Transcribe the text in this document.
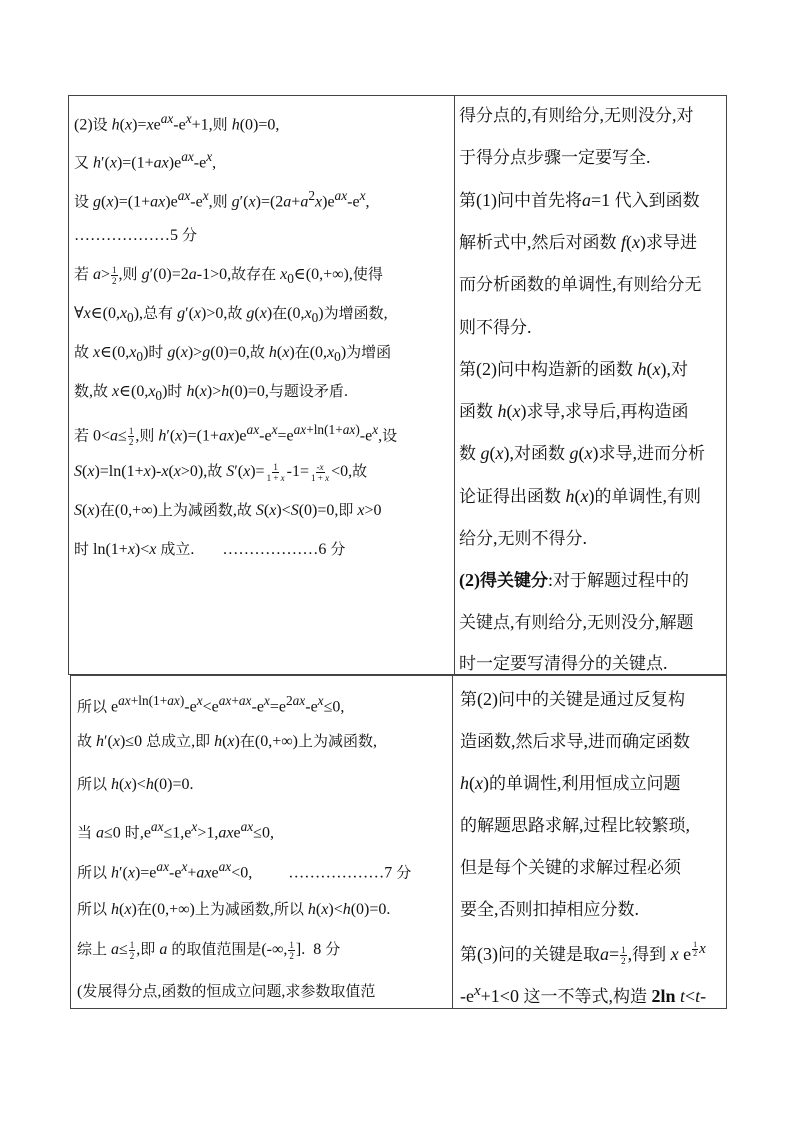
(2)设 $h(x)=xe^{ax}-e^x+1$,则 h(0)=0,
又 $h'(x)=(1+ax)e^{ax}-e^x$,
设 $g(x)=(1+ax)e^{ax}-e^x$,则 $g'(x)=(2a+a^2x)e^{ax}-e^x$,
………………5 分
若 $a> \frac{1}{2}$ ,则 g′(0)=2a-1>0,故存在 $x_0\in(0,+\infty)$,使得
$\forall x\in(0,x_0)$,总有 g′(x)>0,故 g(x)在$(0,x_0)$为增函数,
故 $x\in(0,x_0)$时 g(x)>g(0)=0,故 h(x)在$(0,x_0)$为增函
数,故 $x\in(0,x_0)$时 h(x)>h(0)=0,与题设矛盾.
若 $0<a\le \frac{1}{2}$ ,则 $h'(x)=(1+ax)e^{ax}-e^x=e^{ax+ln(1+ax)}-e^x$,设
S(x)=ln(1+x)-x(x>0),故 $S'(x)= \frac{1}{1 + x} -1= \frac{-x}{1 + x} <0$,故
S(x)在(0,+∞)上为减函数,故 S(x)<S(0)=0,即 x>0
时 ln(1+x)<x 成立.       ………………6 分
得分点的,有则给分,无则没分,对
于得分点步骤一定要写全.
第(1)问中首先将a=1 代入到函数
解析式中,然后对函数 f(x)求导进
而分析函数的单调性,有则给分无
则不得分.
第(2)问中构造新的函数 h(x),对
函数 h(x)求导,求导后,再构造函
数 g(x),对函数 g(x)求导,进而分析
论证得出函数 h(x)的单调性,有则
给分,无则不得分.
(2)得关键分:对于解题过程中的
关键点,有则给分,无则没分,解题
时一定要写清得分的关键点.
所以 $e^{ax+ln(1+ax)}-e^x<e^{ax+ax}-e^x=e^{2ax}-e^x\le 0$,
故 h′(x)≤0 总成立,即 h(x)在(0,+∞)上为减函数,
所以 h(x)<h(0)=0.
当 a≤0 时$,e^{ax}\le 1,e^x>1,axe^{ax}\le 0$,
所以 $h'(x)=e^{ax}-e^x+axe^{ax}<0$,         ………………7 分
所以 h(x)在(0,+∞)上为减函数,所以 h(x)<h(0)=0.
综上 $a\le \frac{1}{2}$ ,即 a 的取值范围是(-∞, $\frac{1}{2}$ ].  8 分
(发展得分点,函数的恒成立问题,求参数取值范
第(2)问中的关键是通过反复构
造函数,然后求导,进而确定函数
h(x)的单调性,利用恒成立问题
的解题思路求解,过程比较繁琐,
但是每个关键的求解过程必须
要全,否则扣掉相应分数.
第(3)问的关键是取$a= \frac{1}{2}$ ,得到 x e $^{\frac{1}{2} x}$
$-e^x+1<0$ 这一不等式,构造 2ln t<t-
